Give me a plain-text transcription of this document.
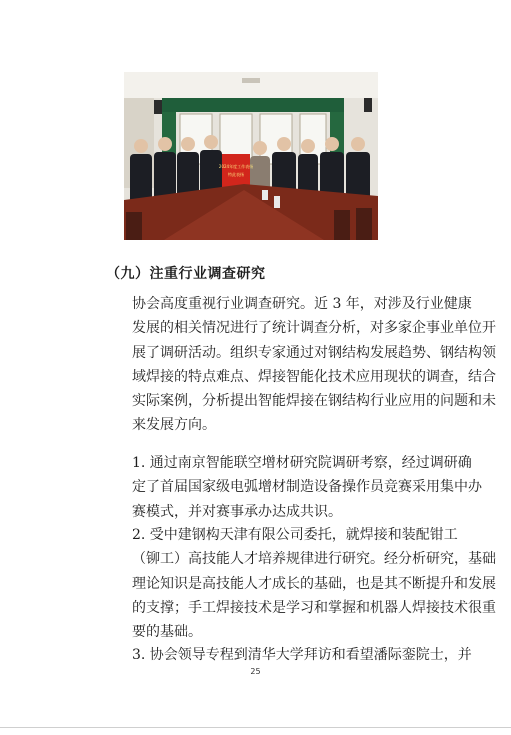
2024年度工作表扬
特此表扬
（九）注重行业调查研究
协会高度重视行业调查研究。近 3 年，对涉及行业健康
发展的相关情况进行了统计调查分析，对多家企事业单位开
展了调研活动。组织专家通过对钢结构发展趋势、钢结构领
域焊接的特点难点、焊接智能化技术应用现状的调查，结合
实际案例，分析提出智能焊接在钢结构行业应用的问题和未
来发展方向。
1. 通过南京智能联空增材研究院调研考察，经过调研确
定了首届国家级电弧增材制造设备操作员竞赛采用集中办
赛模式，并对赛事承办达成共识。
2. 受中建钢构天津有限公司委托，就焊接和装配钳工
（铆工）高技能人才培养规律进行研究。经分析研究，基础
理论知识是高技能人才成长的基础，也是其不断提升和发展
的支撑；手工焊接技术是学习和掌握和机器人焊接技术很重
要的基础。
3. 协会领导专程到清华大学拜访和看望潘际銮院士，并
25
